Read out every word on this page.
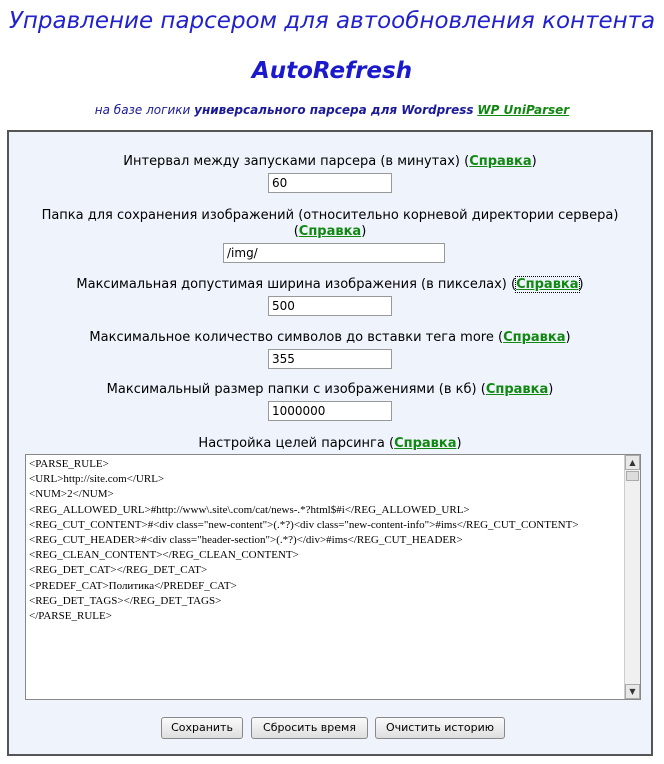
Управление парсером для автообновления контента
AutoRefresh
на базе логики универсального парсера для Wordpress WP UniParser
Интервал между запусками парсера (в минутах) (Справка)
60
Папка для сохранения изображений (относительно корневой директории сервера)
(Справка)
/img/
Максимальная допустимая ширина изображения (в пикселах) (Справка)
500
Максимальное количество символов до вставки тега more (Справка)
355
Максимальный размер папки с изображениями (в кб) (Справка)
1000000
Настройка целей парсинга (Справка)
<PARSE_RULE>
<URL>http://site.com</URL>
<NUM>2</NUM>
<REG_ALLOWED_URL>#http://www\.site\.com/cat/news-.*?html$#i</REG_ALLOWED_URL>
<REG_CUT_CONTENT>#<div class="new-content">(.*?)<div class="new-content-info">#ims</REG_CUT_CONTENT>
<REG_CUT_HEADER>#<div class="header-section">(.*?)</div>#ims</REG_CUT_HEADER>
<REG_CLEAN_CONTENT></REG_CLEAN_CONTENT>
<REG_DET_CAT></REG_DET_CAT>
<PREDEF_CAT>Политика</PREDEF_CAT>
<REG_DET_TAGS></REG_DET_TAGS>
</PARSE_RULE>
▲
▼
Сохранить	Сбросить время	Очистить историю
